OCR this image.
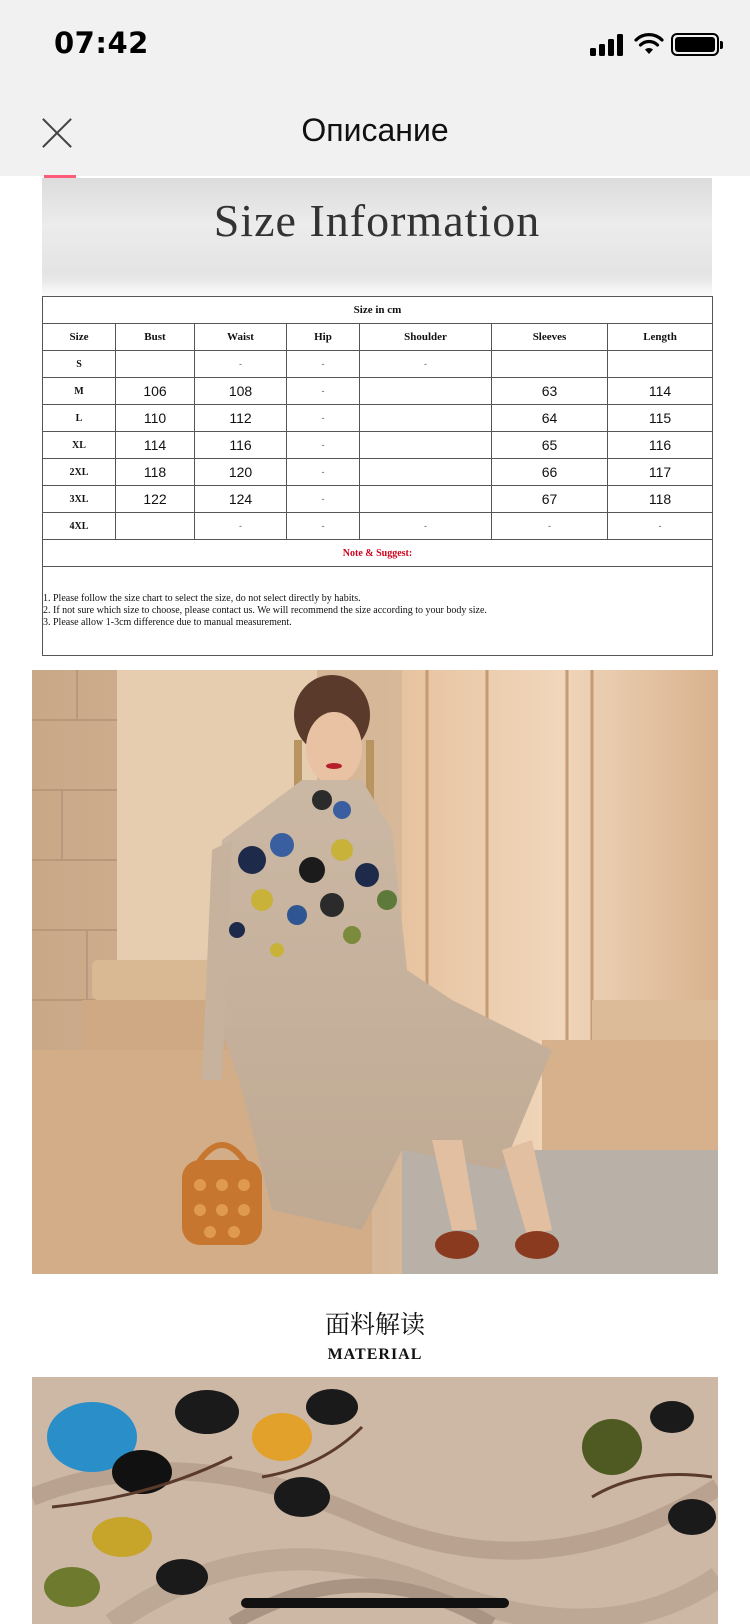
07:42
Описание
Size Information
Size in cm						
Size	Bust	Waist	Hip	Shoulder	Sleeves	Length
S		-	-	-		
M	106	108	-		63	114
L	110	112	-		64	115
XL	114	116	-		65	116
2XL	118	120	-		66	117
3XL	122	124	-		67	118
4XL		-	-	-	-	-
Note & Suggest:						

1. Please follow the size chart to select the size, do not select directly by habits.
2. If not sure which size to choose, please contact us. We will recommend the size according to your body size.
3. Please allow 1-3cm difference due to manual measurement.						
面料解读
MATERIAL
